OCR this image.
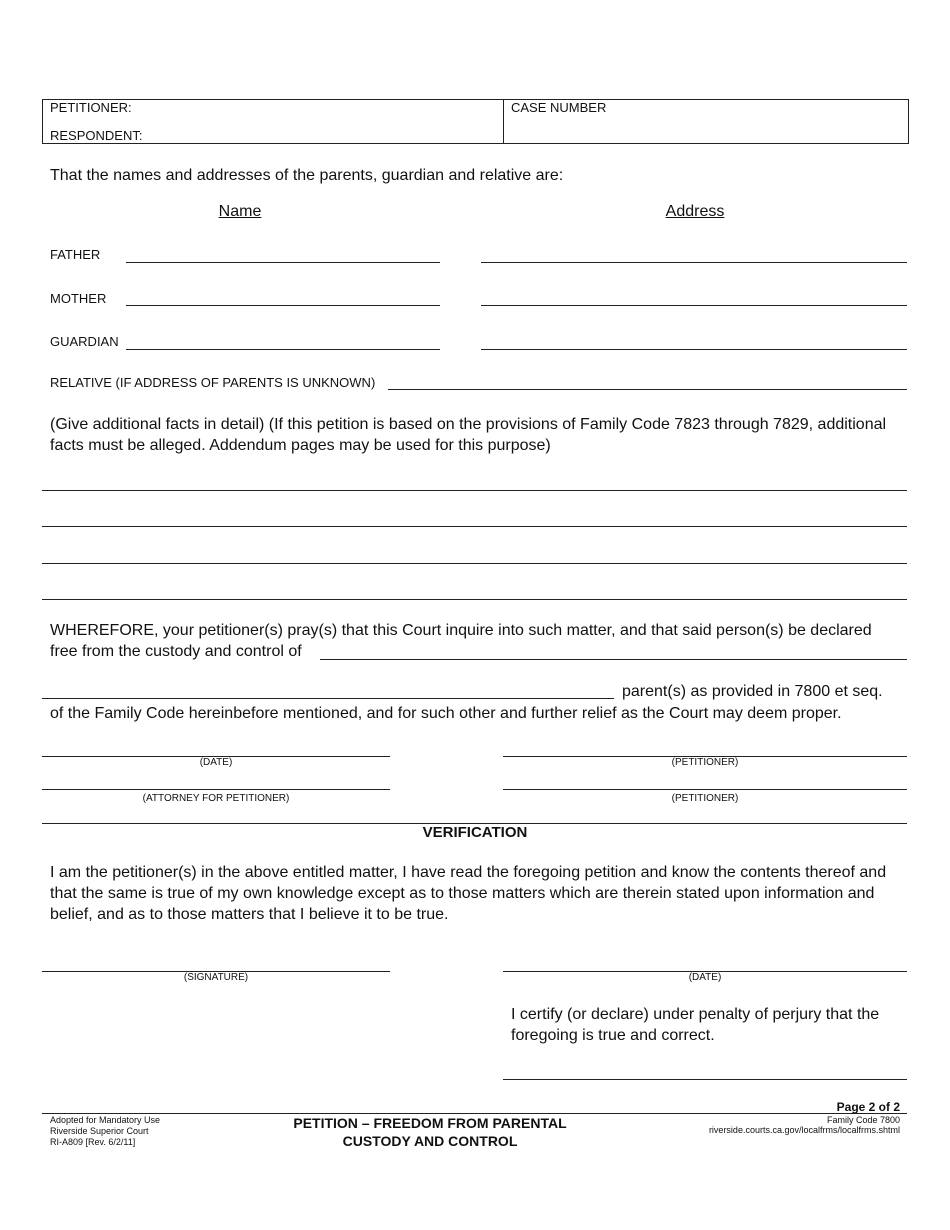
PETITIONER:
RESPONDENT:
CASE NUMBER
That the names and addresses of the parents, guardian and relative are:
Name	Address
FATHER
MOTHER
GUARDIAN
RELATIVE (IF ADDRESS OF PARENTS IS UNKNOWN)
(Give additional facts in detail) (If this petition is based on the provisions of Family Code 7823 through 7829, additional
facts must be alleged. Addendum pages may be used for this purpose)
WHEREFORE, your petitioner(s) pray(s) that this Court inquire into such matter, and that said person(s) be declared
free from the custody and control of
parent(s) as provided in 7800 et seq.
of the Family Code hereinbefore mentioned, and for such other and further relief as the Court may deem proper.
(DATE)	(PETITIONER)
(ATTORNEY FOR PETITIONER)	(PETITIONER)
VERIFICATION
I am the petitioner(s) in the above entitled matter, I have read the foregoing petition and know the contents thereof and
that the same is true of my own knowledge except as to those matters which are therein stated upon information and
belief, and as to those matters that I believe it to be true.
(SIGNATURE)	(DATE)
I certify (or declare) under penalty of perjury that the
foregoing is true and correct.
Adopted for Mandatory Use
Riverside Superior Court
RI-A809 [Rev. 6/2/11]
PETITION – FREEDOM FROM PARENTAL
CUSTODY AND CONTROL
Page 2 of 2
Family Code 7800
riverside.courts.ca.gov/localfrms/localfrms.shtml
